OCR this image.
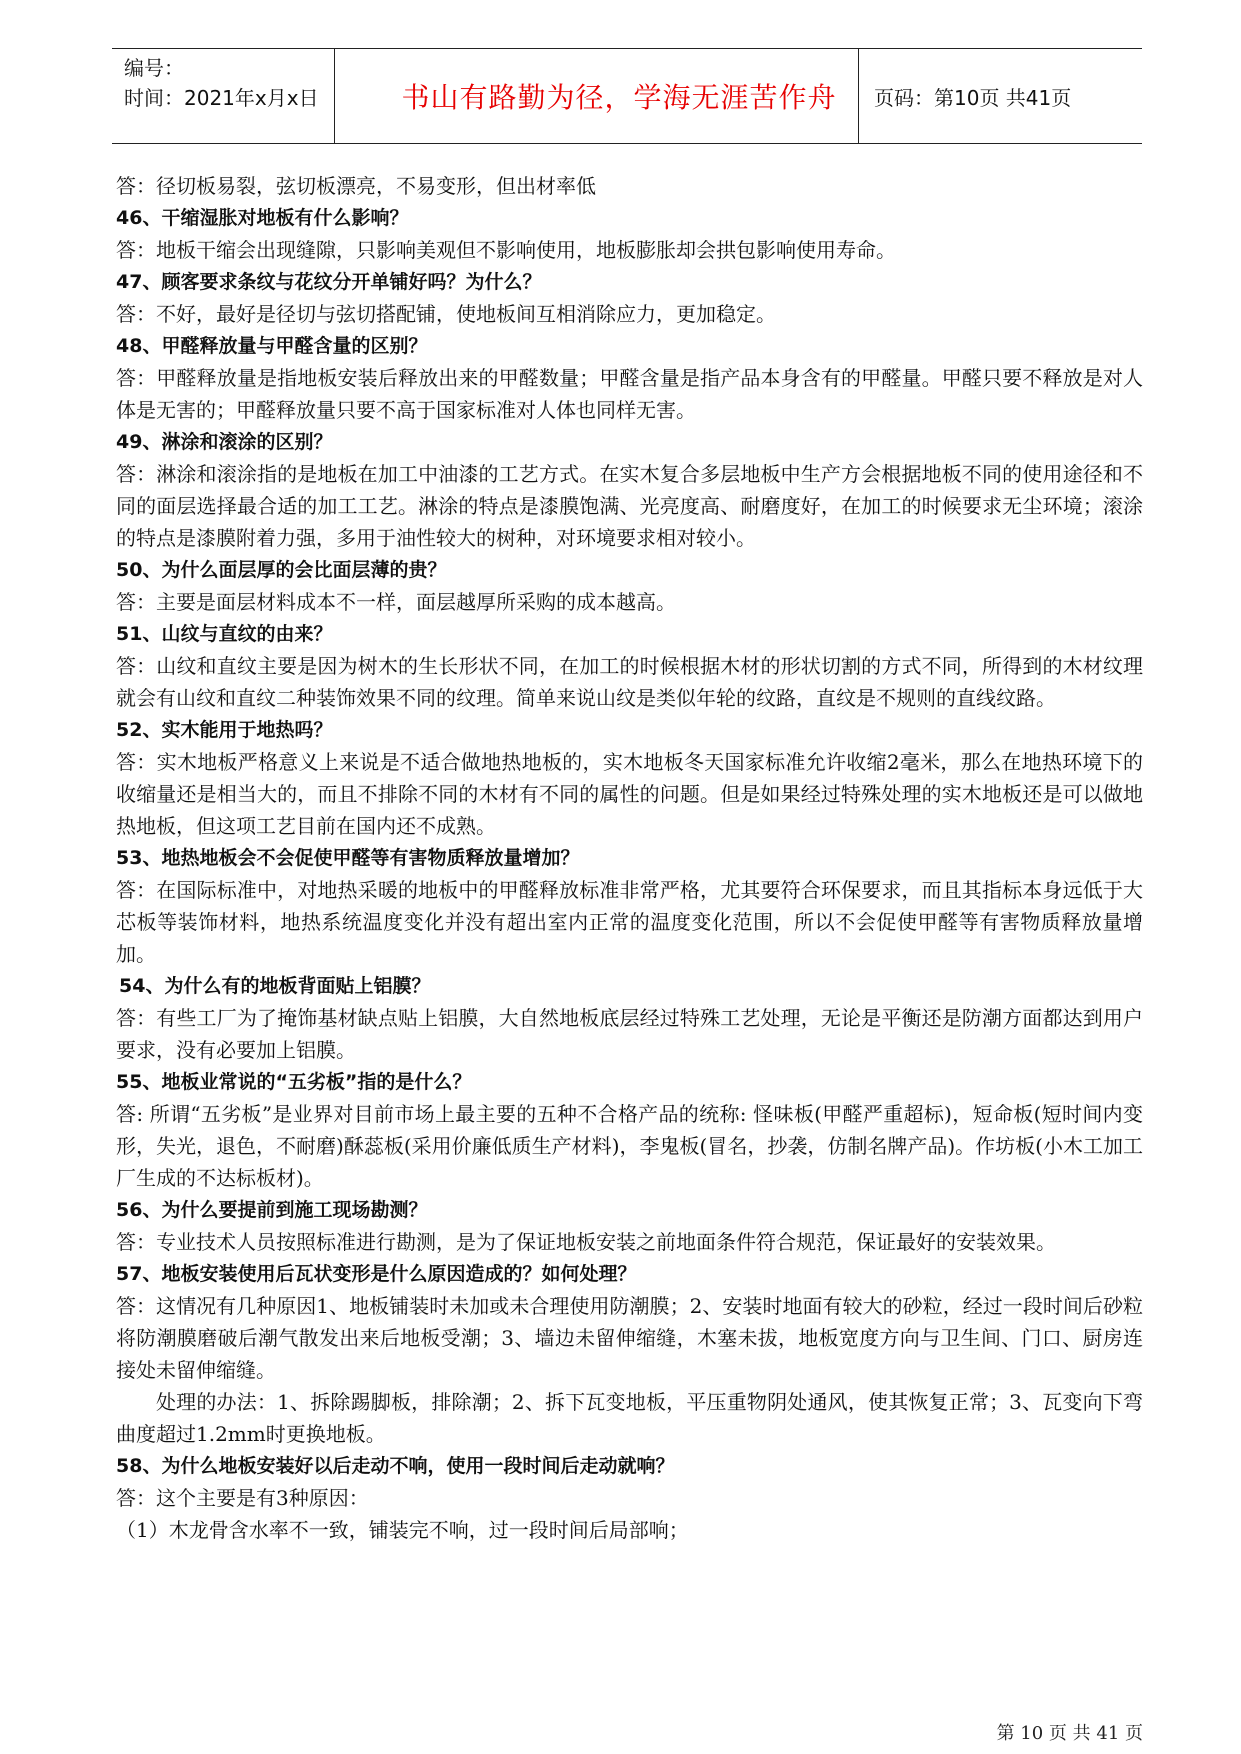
编号：
时间：2021年x月x日	书山有路勤为径，学海无涯苦作舟	页码：第10页 共41页
答：径切板易裂，弦切板漂亮，不易变形，但出材率低
46、干缩湿胀对地板有什么影响？
答：地板干缩会出现缝隙，只影响美观但不影响使用，地板膨胀却会拱包影响使用寿命。
47、顾客要求条纹与花纹分开单铺好吗？为什么？
答：不好，最好是径切与弦切搭配铺，使地板间互相消除应力，更加稳定。
48、甲醛释放量与甲醛含量的区别？
答：甲醛释放量是指地板安装后释放出来的甲醛数量；甲醛含量是指产品本身含有的甲醛量。甲醛只要不释放是对人体是无害的；甲醛释放量只要不高于国家标准对人体也同样无害。
49、淋涂和滚涂的区别？
答：淋涂和滚涂指的是地板在加工中油漆的工艺方式。在实木复合多层地板中生产方会根据地板不同的使用途径和不同的面层选择最合适的加工工艺。淋涂的特点是漆膜饱满、光亮度高、耐磨度好，在加工的时候要求无尘环境；滚涂的特点是漆膜附着力强，多用于油性较大的树种，对环境要求相对较小。
50、为什么面层厚的会比面层薄的贵？
答：主要是面层材料成本不一样，面层越厚所采购的成本越高。
51、山纹与直纹的由来？
答：山纹和直纹主要是因为树木的生长形状不同，在加工的时候根据木材的形状切割的方式不同，所得到的木材纹理就会有山纹和直纹二种装饰效果不同的纹理。简单来说山纹是类似年轮的纹路，直纹是不规则的直线纹路。
52、实木能用于地热吗？
答：实木地板严格意义上来说是不适合做地热地板的，实木地板冬天国家标准允许收缩2毫米，那么在地热环境下的收缩量还是相当大的，而且不排除不同的木材有不同的属性的问题。但是如果经过特殊处理的实木地板还是可以做地热地板，但这项工艺目前在国内还不成熟。
53、地热地板会不会促使甲醛等有害物质释放量增加？
答：在国际标准中，对地热采暖的地板中的甲醛释放标准非常严格，尤其要符合环保要求，而且其指标本身远低于大芯板等装饰材料，地热系统温度变化并没有超出室内正常的温度变化范围，所以不会促使甲醛等有害物质释放量增加。
54、为什么有的地板背面贴上铝膜？
答：有些工厂为了掩饰基材缺点贴上铝膜，大自然地板底层经过特殊工艺处理，无论是平衡还是防潮方面都达到用户要求，没有必要加上铝膜。
55、地板业常说的“五劣板”指的是什么？
答: 所谓“五劣板”是业界对目前市场上最主要的五种不合格产品的统称: 怪味板(甲醛严重超标)，短命板(短时间内变形，失光，退色，不耐磨)酥蕊板(采用价廉低质生产材料)，李鬼板(冒名，抄袭，仿制名牌产品)。作坊板(小木工加工厂生成的不达标板材)。
56、为什么要提前到施工现场勘测？
答：专业技术人员按照标准进行勘测，是为了保证地板安装之前地面条件符合规范，保证最好的安装效果。
57、地板安装使用后瓦状变形是什么原因造成的？如何处理？
答：这情况有几种原因1、地板铺装时未加或未合理使用防潮膜；2、安装时地面有较大的砂粒，经过一段时间后砂粒将防潮膜磨破后潮气散发出来后地板受潮；3、墙边未留伸缩缝，木塞未拔，地板宽度方向与卫生间、门口、厨房连接处未留伸缩缝。
处理的办法：1、拆除踢脚板，排除潮；2、拆下瓦变地板，平压重物阴处通风，使其恢复正常；3、瓦变向下弯曲度超过1.2mm时更换地板。
58、为什么地板安装好以后走动不响，使用一段时间后走动就响？
答：这个主要是有3种原因：
（1）木龙骨含水率不一致，铺装完不响，过一段时间后局部响；
第 10 页 共 41 页
